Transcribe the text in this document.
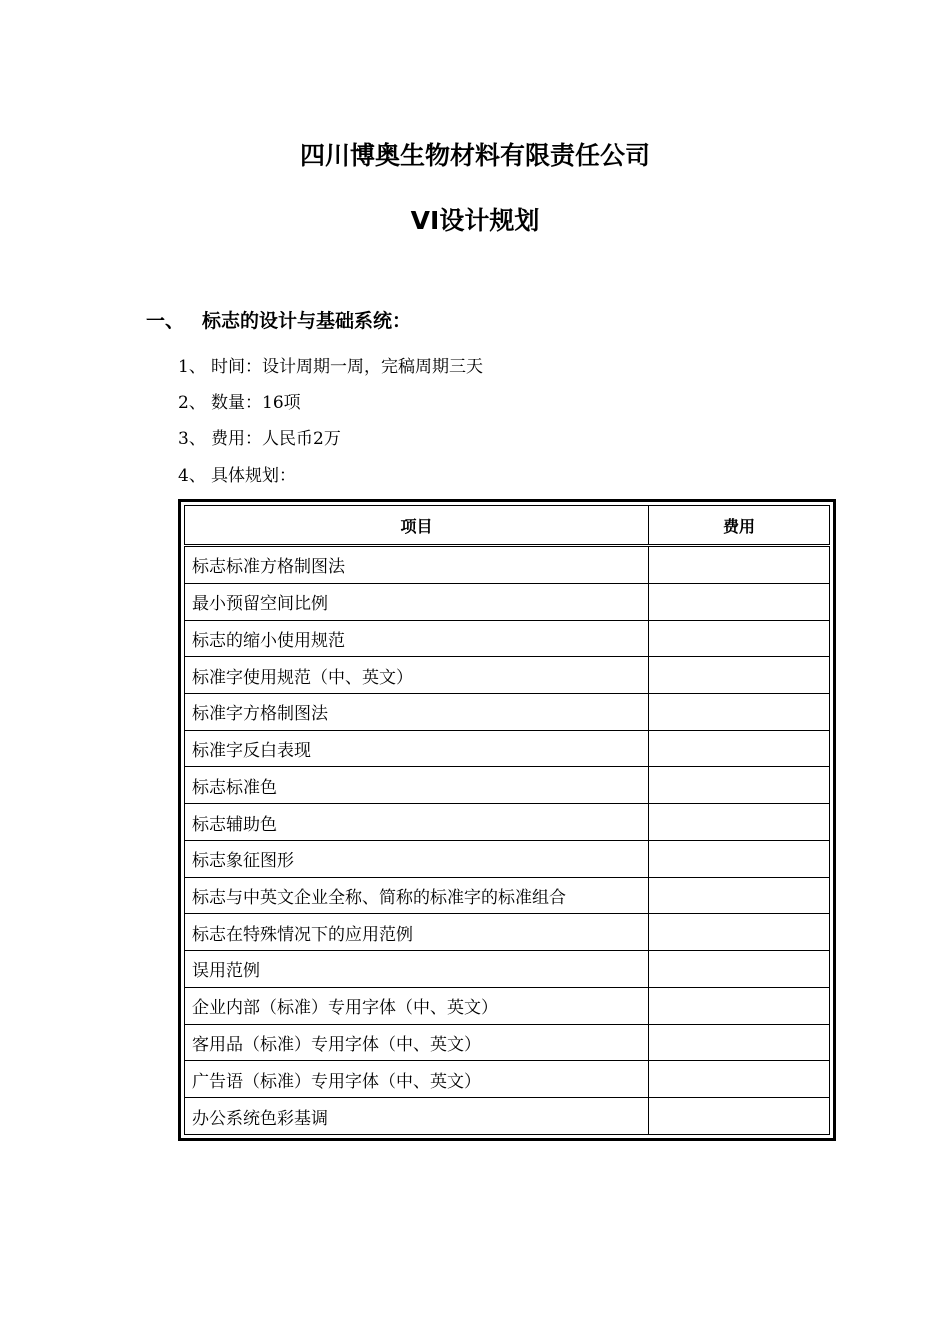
四川博奥生物材料有限责任公司
VI设计规划
一、 标志的设计与基础系统：
1、 时间：设计周期一周，完稿周期三天
2、 数量：16项
3、 费用：人民币2万
4、 具体规划：
项目	费用
标志标准方格制图法	
最小预留空间比例	
标志的缩小使用规范	
标准字使用规范（中、英文）	
标准字方格制图法	
标准字反白表现	
标志标准色	
标志辅助色	
标志象征图形	
标志与中英文企业全称、简称的标准字的标准组合	
标志在特殊情况下的应用范例	
误用范例	
企业内部（标准）专用字体（中、英文）	
客用品（标准）专用字体（中、英文）	
广告语（标准）专用字体（中、英文）	
办公系统色彩基调	
